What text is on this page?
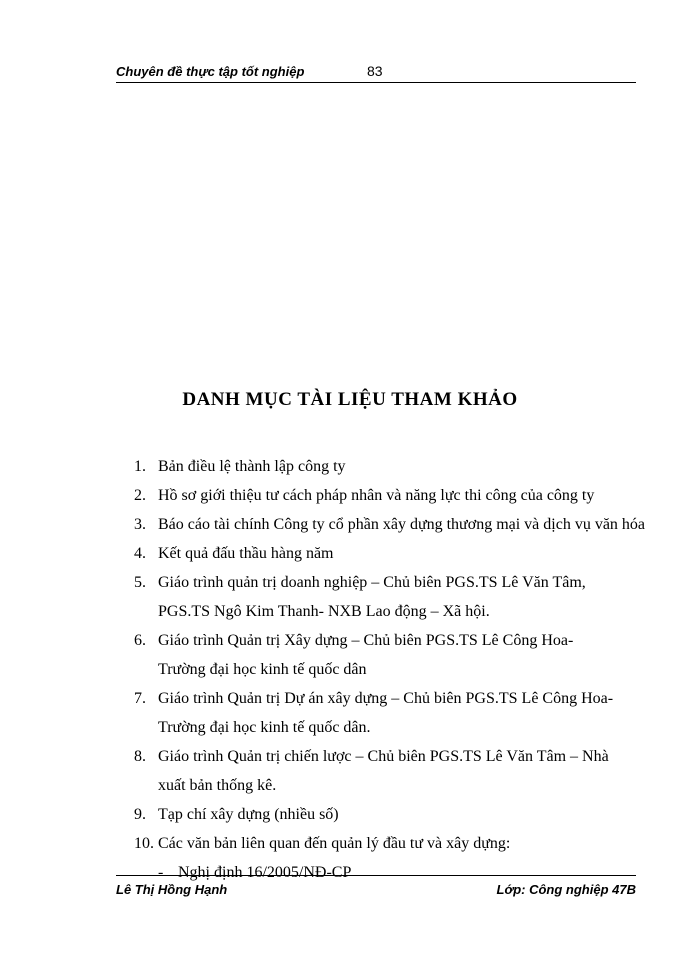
Chuyên đề thực tập tốt nghiệp	83
DANH MỤC TÀI LIỆU THAM KHẢO
1. Bản điều lệ thành lập công ty
2. Hồ sơ giới thiệu tư cách pháp nhân và năng lực thi công của công ty
3. Báo cáo tài chính Công ty cổ phần xây dựng thương mại và dịch vụ văn hóa
4. Kết quả đấu thầu hàng năm
5. Giáo trình quản trị doanh nghiệp – Chủ biên PGS.TS Lê Văn Tâm,
PGS.TS Ngô Kim Thanh- NXB Lao động – Xã hội.
6. Giáo trình Quản trị Xây dựng – Chủ biên PGS.TS Lê Công Hoa-
Trường đại học kinh tế quốc dân
7. Giáo trình Quản trị Dự án xây dựng – Chủ biên PGS.TS Lê Công Hoa-
Trường đại học kinh tế quốc dân.
8. Giáo trình Quản trị chiến lược – Chủ biên PGS.TS Lê Văn Tâm – Nhà
xuất bản thống kê.
9. Tạp chí xây dựng (nhiều số)
10. Các văn bản liên quan đến quản lý đầu tư và xây dựng:
- Nghị định 16/2005/NĐ-CP
Lê Thị Hồng Hạnh	Lớp: Công nghiệp 47B
